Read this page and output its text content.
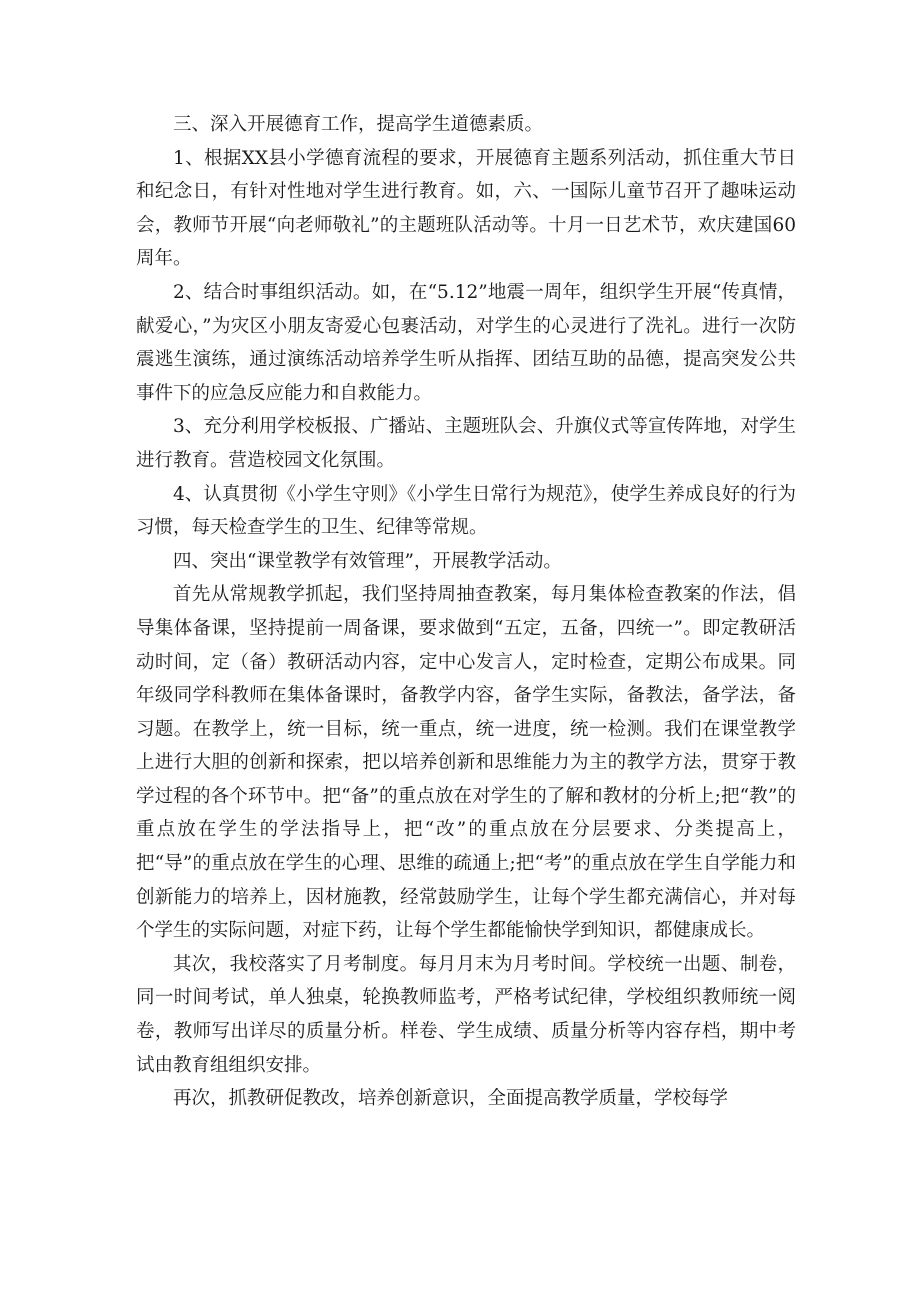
三、深入开展德育工作，提高学生道德素质。

1、根据XX县小学德育流程的要求，开展德育主题系列活动，抓住重大节日和纪念日，有针对性地对学生进行教育。如，六、一国际儿童节召开了趣味运动会，教师节开展“向老师敬礼”的主题班队活动等。十月一日艺术节，欢庆建国60周年。

2、结合时事组织活动。如，在“5.12”地震一周年，组织学生开展“传真情，献爱心，”为灾区小朋友寄爱心包裹活动，对学生的心灵进行了洗礼。进行一次防震逃生演练，通过演练活动培养学生听从指挥、团结互助的品德，提高突发公共事件下的应急反应能力和自救能力。

3、充分利用学校板报、广播站、主题班队会、升旗仪式等宣传阵地，对学生进行教育。营造校园文化氛围。

4、认真贯彻《小学生守则》《小学生日常行为规范》，使学生养成良好的行为习惯，每天检查学生的卫生、纪律等常规。

四、突出“课堂教学有效管理”，开展教学活动。

首先从常规教学抓起，我们坚持周抽查教案，每月集体检查教案的作法，倡导集体备课，坚持提前一周备课，要求做到“五定，五备，四统一”。即定教研活动时间，定（备）教研活动内容，定中心发言人，定时检查，定期公布成果。同年级同学科教师在集体备课时，备教学内容，备学生实际，备教法，备学法，备习题。在教学上，统一目标，统一重点，统一进度，统一检测。我们在课堂教学上进行大胆的创新和探索，把以培养创新和思维能力为主的教学方法，贯穿于教学过程的各个环节中。把“备”的重点放在对学生的了解和教材的分析上;把“教”的重点放在学生的学法指导上，把“改”的重点放在分层要求、分类提高上，把“导”的重点放在学生的心理、思维的疏通上;把“考”的重点放在学生自学能力和创新能力的培养上，因材施教，经常鼓励学生，让每个学生都充满信心，并对每个学生的实际问题，对症下药，让每个学生都能愉快学到知识，都健康成长。

其次，我校落实了月考制度。每月月末为月考时间。学校统一出题、制卷，同一时间考试，单人独桌，轮换教师监考，严格考试纪律，学校组织教师统一阅卷，教师写出详尽的质量分析。样卷、学生成绩、质量分析等内容存档，期中考试由教育组组织安排。

再次，抓教研促教改，培养创新意识，全面提高教学质量，学校每学
